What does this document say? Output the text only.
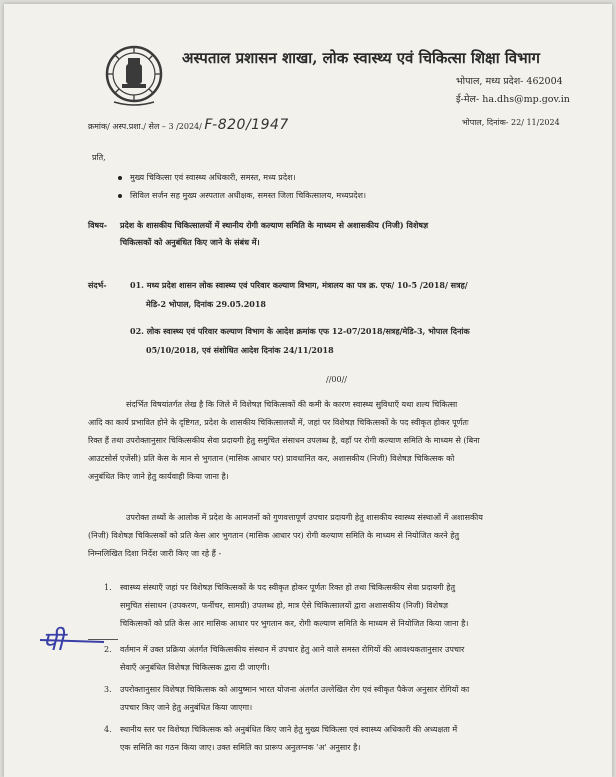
अस्पताल प्रशासन शाखा, लोक स्वास्थ्य एवं चिकित्सा शिक्षा विभाग
भोपाल, मध्य प्रदेश- 462004
ई-मेल- ha.dhs@mp.gov.in
क्रमांक/ अस्प.प्रशा./ सेल – 3 /2024/ F-820/1947	भोपाल, दिनांक- 22/ 11/2024
प्रति,
मुख्य चिकित्सा एवं स्वास्थ्य अधिकारी, समस्त, मध्य प्रदेश।
सिविल सर्जन सह मुख्य अस्पताल अधीक्षक, समस्त जिला चिकित्सालय, मध्यप्रदेश।
विषय- प्रदेश के शासकीय चिकित्सालयों में स्थानीय रोगी कल्याण समिति के माध्यम से अशासकीय (निजी) विशेषज्ञ
चिकित्सकों को अनुबंधित किए जाने के संबंध में।
संदर्भ-	01. मध्य प्रदेश शासन लोक स्वास्थ्य एवं परिवार कल्याण विभाग, मंत्रालय का पत्र क्र. एफ/ 10-5 /2018/ सत्रह/
मेडि-2 भोपाल, दिनांक 29.05.2018
02. लोक स्वास्थ्य एवं परिवार कल्याण विभाग के आदेश क्रमांक एफ 12-07/2018/सत्रह/मेडि-3, भोपाल दिनांक
05/10/2018, एवं संशोधित आदेश दिनांक 24/11/2018
//00//
संदर्भित विषयांतर्गत लेख है कि जिले में विशेषज्ञ चिकित्सकों की कमी के कारण स्वास्थ्य सुविधाएँ यथा शल्य चिकित्सा
आदि का कार्य प्रभावित होने के दृष्टिगत, प्रदेश के शासकीय चिकित्सालयों में, जहां पर विशेषज्ञ चिकित्सकों के पद स्वीकृत होकर पूर्णतः
रिक्त हैं तथा उपरोक्तानुसार चिकित्सकीय सेवा प्रदायगी हेतु समुचित संसाधन उपलब्ध है, वहाँ पर रोगी कल्याण समिति के माध्यम से (बिना
आउटसोर्स एजेंसी) प्रति केस के मान से भुगतान (मासिक आधार पर) प्रावधानित कर, अशासकीय (निजी) विशेषज्ञ चिकित्सक को
अनुबंधित किए जाने हेतु कार्यवाही किया जाना है।
उपरोक्त तथ्यों के आलोक में प्रदेश के आमजनों को गुणवत्तापूर्ण उपचार प्रदायगी हेतु शासकीय स्वास्थ्य संस्थाओं में अशासकीय
(निजी) विशेषज्ञ चिकित्सकों को प्रति केस आर भुगतान (मासिक आधार पर) रोगी कल्याण समिति के माध्यम से नियोजित करने हेतु
निम्नलिखित दिशा निर्देश जारी किए जा रहे हैं -
1. स्वास्थ्य संस्थाएँ जहां पर विशेषज्ञ चिकित्सकों के पद स्वीकृत होकर पूर्णतः रिक्त हो तथा चिकित्सकीय सेवा प्रदायगी हेतु
समुचित संसाधन (उपकरण, फर्नीचर, सामग्री) उपलब्ध हो, मात्र ऐसे चिकित्सालयों द्वारा अशासकीय (निजी) विशेषज्ञ
चिकित्सकों को प्रति केस आर मासिक आधार पर भुगतान कर, रोगी कल्याण समिति के माध्यम से नियोजित किया जाना है।
2. वर्तमान में उक्त प्रक्रिया अंतर्गत चिकित्सकीय संस्थान में उपचार हेतु आने वाले समस्त रोगियों की आवश्यकतानुसार उपचार
सेवाएँ अनुबंधित विशेषज्ञ चिकित्सक द्वारा दी जाएगी।
3. उपरोक्तानुसार विशेषज्ञ चिकित्सक को आयुष्मान भारत योजना अंतर्गत उल्लेखित रोग एवं स्वीकृत पैकेज अनुसार रोगियों का
उपचार किए जाने हेतु अनुबंधित किया जाएगा।
4. स्थानीय स्तर पर विशेषज्ञ चिकित्सक को अनुबंधित किए जाने हेतु मुख्य चिकित्सा एवं स्वास्थ्य अधिकारी की अध्यक्षता में
एक समिति का गठन किया जाए। उक्त समिति का प्रारूप अनुलग्नक 'अ' अनुसार है।
पी
